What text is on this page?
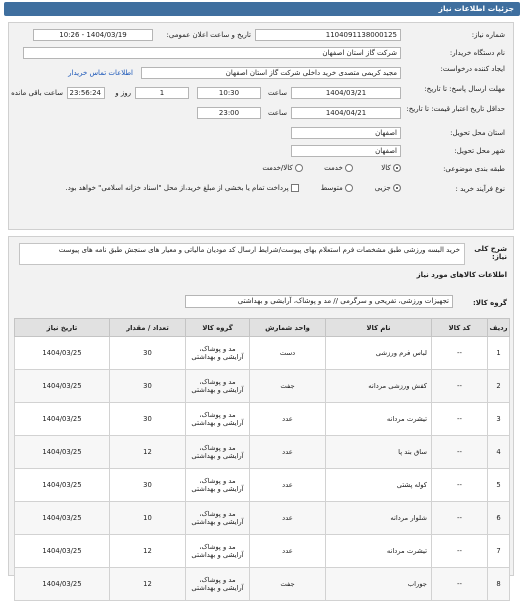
جزئیات اطلاعات نیاز
شماره نیاز:
1104091138000125
تاریخ و ساعت اعلان عمومی:
1404/03/19 - 10:26
نام دستگاه خریدار:
شرکت گاز استان اصفهان
ایجاد کننده درخواست:
مجید کریمی متصدی خرید داخلی شرکت گاز استان اصفهان
اطلاعات تماس خریدار
مهلت ارسال پاسخ: تا تاریخ:
1404/03/21
ساعت
10:30
1
روز و
23:56:24
ساعت باقی مانده
حداقل تاریخ اعتبار قیمت: تا تاریخ:
1404/04/21
ساعت
23:00
استان محل تحویل:
اصفهان
شهر محل تحویل:
اصفهان
طبقه بندی موضوعی:
کالا
خدمت
کالا/خدمت
نوع فرآیند خرید :
جزیی
متوسط
پرداخت تمام یا بخشی از مبلغ خرید،از محل "اسناد خزانه اسلامی" خواهد بود.
شرح کلی نیاز:
خرید البسه ورزشی طبق مشخصات فرم استعلام بهای پیوست/شرایط ارسال کد مودیان مالیاتی و معیار های سنجش طبق نامه های پیوست
اطلاعات کالاهای مورد نیاز
گروه کالا:
تجهیزات ورزشی، تفریحی و سرگرمی // مد و پوشاک، آرایشی و بهداشتی
ردیف	کد کالا	نام کالا	واحد شمارش	گروه کالا	تعداد / مقدار	تاریخ نیاز
1	--	لباس فرم ورزشی	دست	مد و پوشاک، آرایشی و بهداشتی	30	1404/03/25
2	--	کفش ورزشی مردانه	جفت	مد و پوشاک، آرایشی و بهداشتی	30	1404/03/25
3	--	تیشرت مردانه	عدد	مد و پوشاک، آرایشی و بهداشتی	30	1404/03/25
4	--	ساق بند پا	عدد	مد و پوشاک، آرایشی و بهداشتی	12	1404/03/25
5	--	کوله پشتی	عدد	مد و پوشاک، آرایشی و بهداشتی	30	1404/03/25
6	--	شلوار مردانه	عدد	مد و پوشاک، آرایشی و بهداشتی	10	1404/03/25
7	--	تیشرت مردانه	عدد	مد و پوشاک، آرایشی و بهداشتی	12	1404/03/25
8	--	جوراب	جفت	مد و پوشاک، آرایشی و بهداشتی	12	1404/03/25
